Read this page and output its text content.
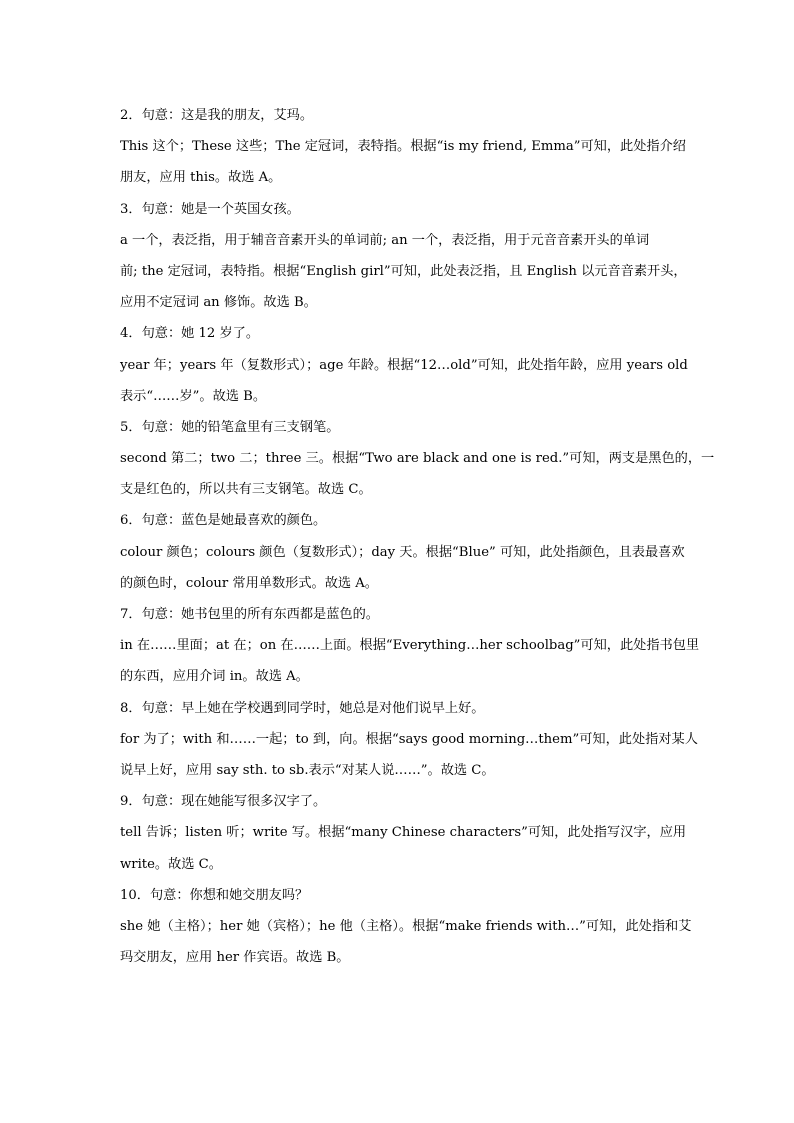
2．句意：这是我的朋友，艾玛。
This 这个；These 这些；The 定冠词，表特指。根据“is my friend, Emma”可知，此处指介绍
朋友，应用 this。故选 A。
3．句意：她是一个英国女孩。
a 一个，表泛指，用于辅音音素开头的单词前; an 一个，表泛指，用于元音音素开头的单词
前; the 定冠词，表特指。根据“English girl”可知，此处表泛指，且 English 以元音音素开头，
应用不定冠词 an 修饰。故选 B。
4．句意：她 12 岁了。
year 年；years 年（复数形式）；age 年龄。根据“12…old”可知，此处指年龄，应用 years old
表示“……岁”。故选 B。
5．句意：她的铅笔盒里有三支钢笔。
second 第二；two 二；three 三。根据“Two are black and one is red.”可知，两支是黑色的，一
支是红色的，所以共有三支钢笔。故选 C。
6．句意：蓝色是她最喜欢的颜色。
colour 颜色；colours 颜色（复数形式）；day 天。根据“Blue” 可知，此处指颜色，且表最喜欢
的颜色时，colour 常用单数形式。故选 A。
7．句意：她书包里的所有东西都是蓝色的。
in 在……里面；at 在；on 在……上面。根据“Everything…her schoolbag”可知，此处指书包里
的东西，应用介词 in。故选 A。
8．句意：早上她在学校遇到同学时，她总是对他们说早上好。
for 为了；with 和……一起；to 到，向。根据“says good morning…them”可知，此处指对某人
说早上好，应用 say sth. to sb.表示“对某人说……”。故选 C。
9．句意：现在她能写很多汉字了。
tell 告诉；listen 听；write 写。根据“many Chinese characters”可知，此处指写汉字，应用
write。故选 C。
10．句意：你想和她交朋友吗？
she 她（主格）；her 她（宾格）；he 他（主格）。根据“make friends with…”可知，此处指和艾
玛交朋友，应用 her 作宾语。故选 B。
